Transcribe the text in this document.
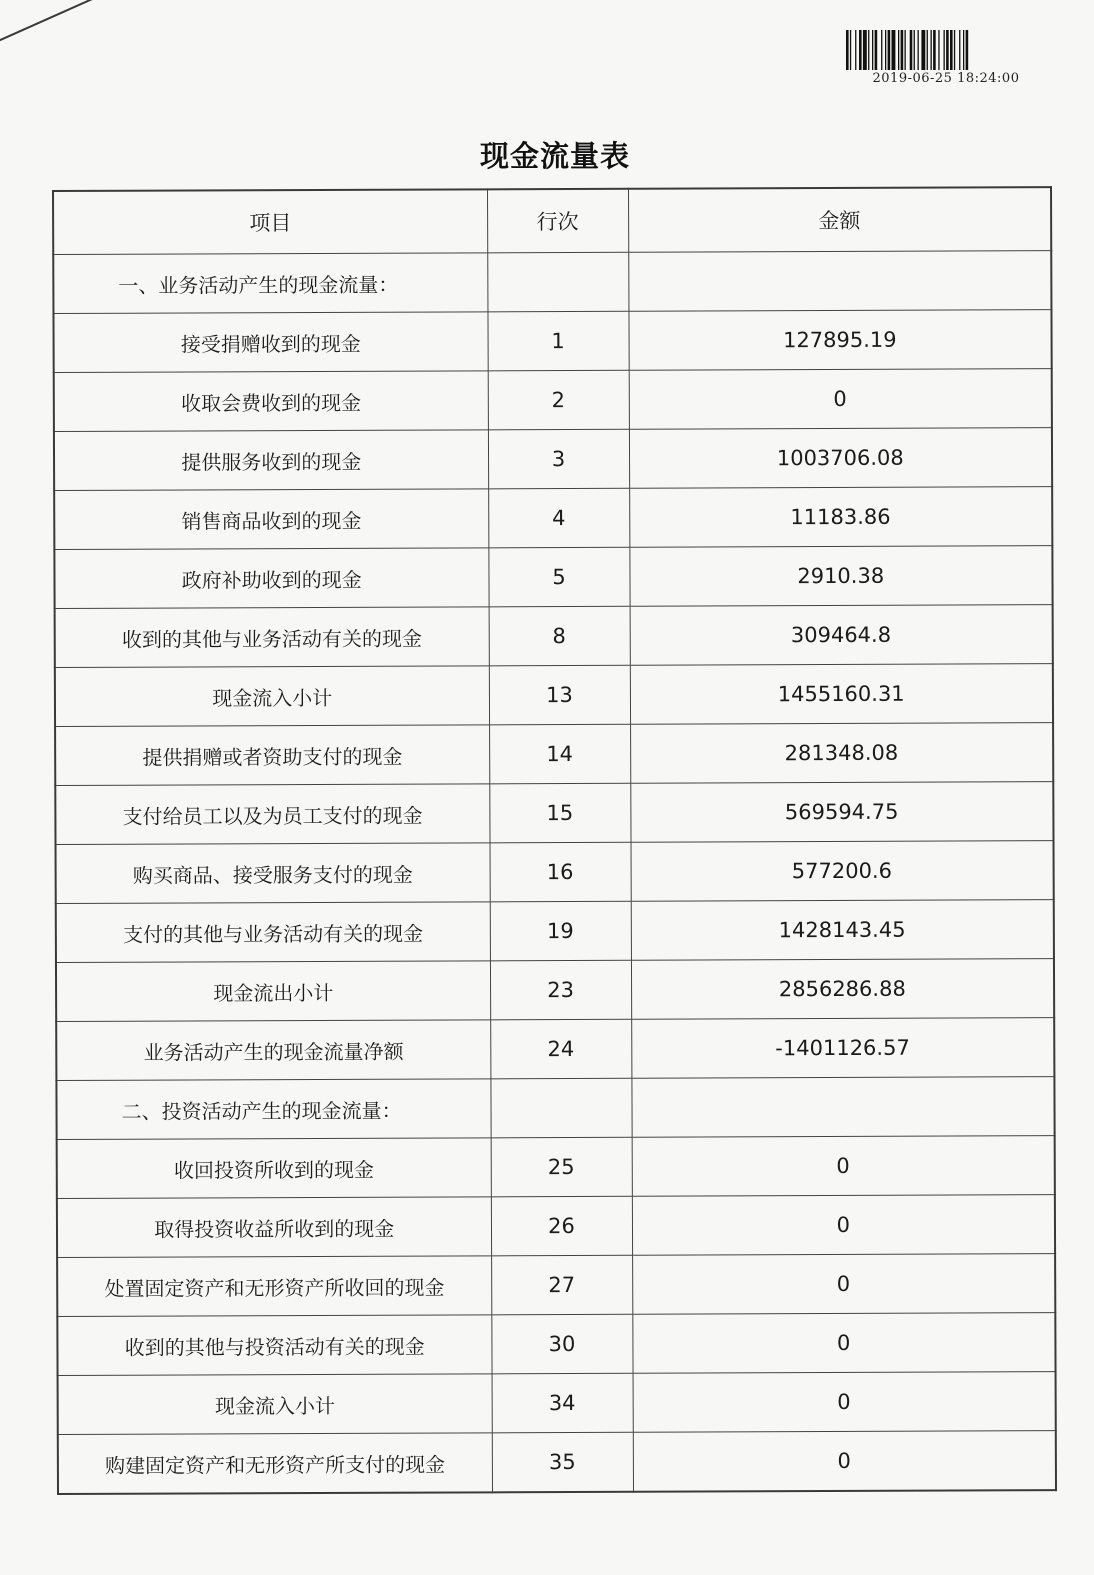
2019-06-25 18:24:00
现金流量表
项目	行次	金额
一、业务活动产生的现金流量：		
接受捐赠收到的现金	1	127895.19
收取会费收到的现金	2	0
提供服务收到的现金	3	1003706.08
销售商品收到的现金	4	11183.86
政府补助收到的现金	5	2910.38
收到的其他与业务活动有关的现金	8	309464.8
现金流入小计	13	1455160.31
提供捐赠或者资助支付的现金	14	281348.08
支付给员工以及为员工支付的现金	15	569594.75
购买商品、接受服务支付的现金	16	577200.6
支付的其他与业务活动有关的现金	19	1428143.45
现金流出小计	23	2856286.88
业务活动产生的现金流量净额	24	-1401126.57
二、投资活动产生的现金流量：		
收回投资所收到的现金	25	0
取得投资收益所收到的现金	26	0
处置固定资产和无形资产所收回的现金	27	0
收到的其他与投资活动有关的现金	30	0
现金流入小计	34	0
购建固定资产和无形资产所支付的现金	35	0
